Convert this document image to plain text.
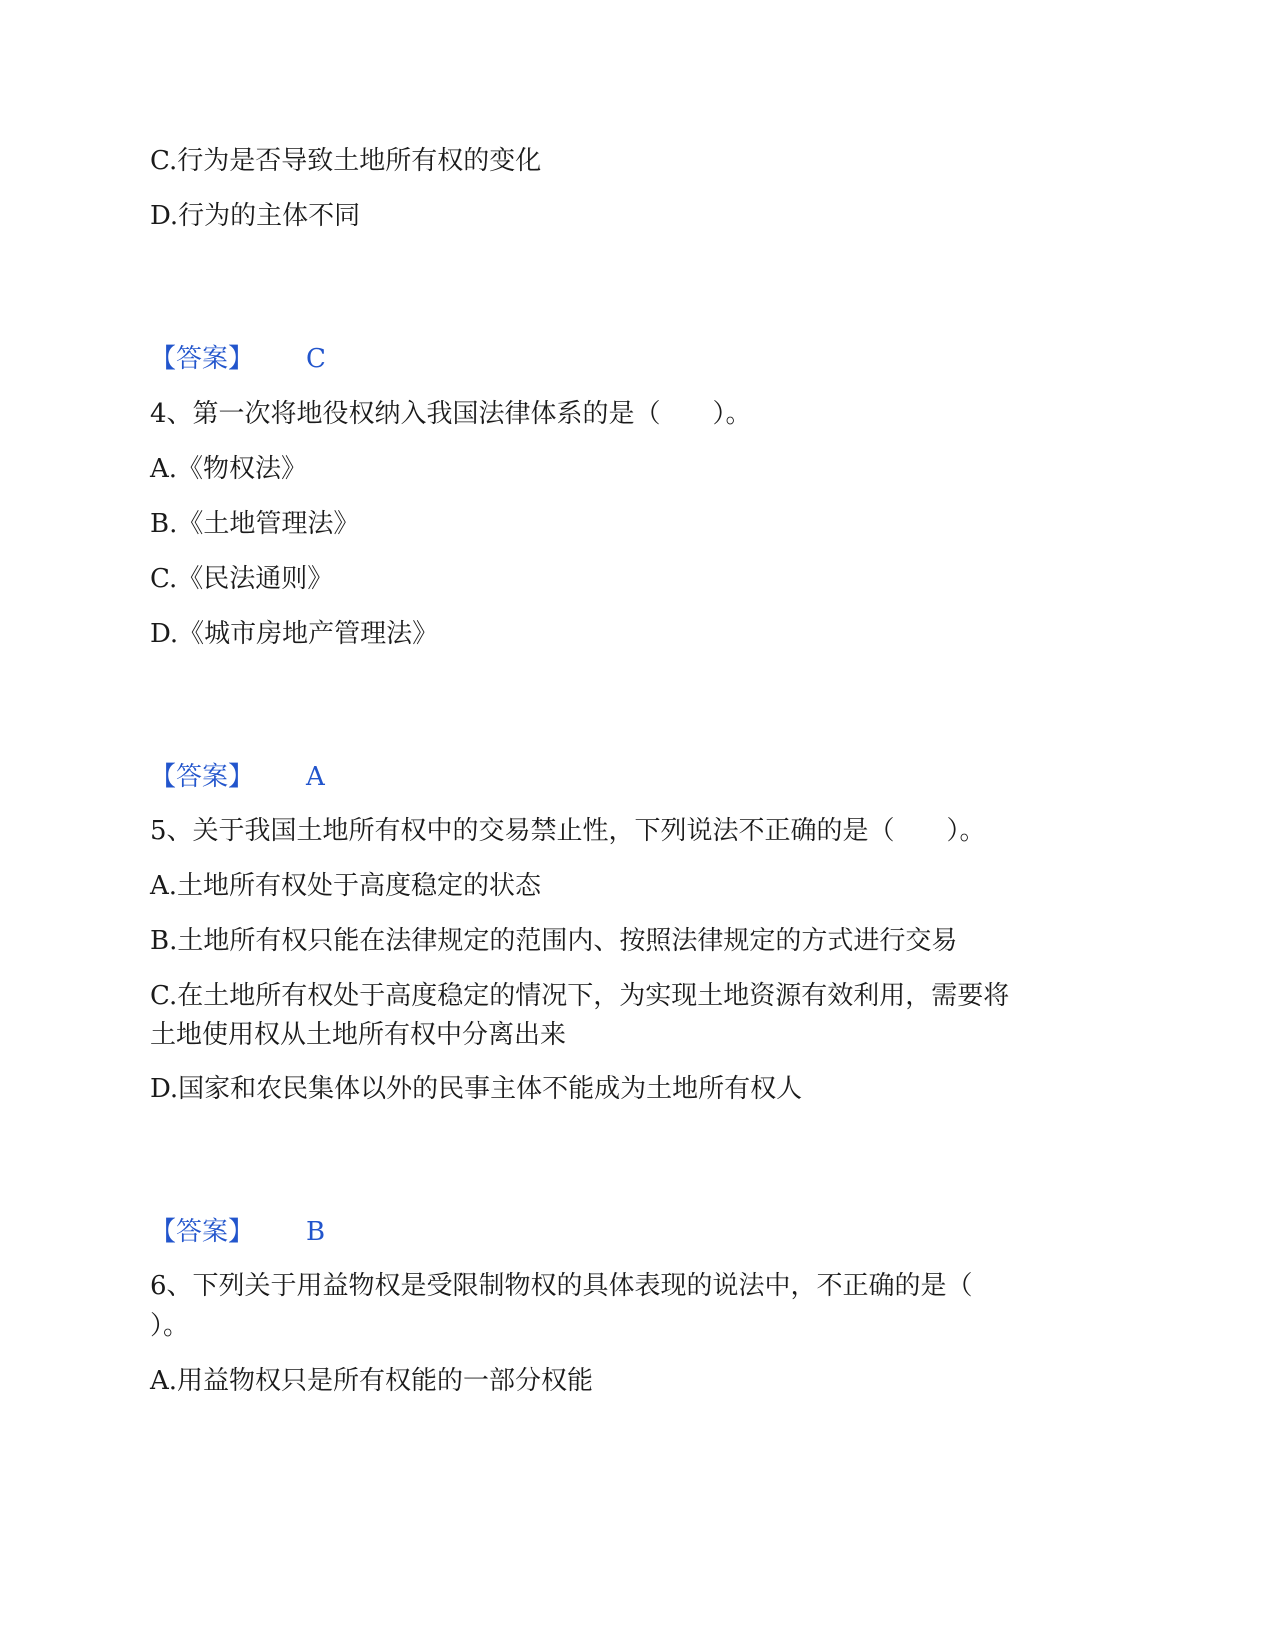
C.行为是否导致土地所有权的变化
D.行为的主体不同
【答案】 C
4、第一次将地役权纳入我国法律体系的是（　　）。
A.《物权法》
B.《土地管理法》
C.《民法通则》
D.《城市房地产管理法》
【答案】 A
5、关于我国土地所有权中的交易禁止性，下列说法不正确的是（　　）。
A.土地所有权处于高度稳定的状态
B.土地所有权只能在法律规定的范围内、按照法律规定的方式进行交易
C.在土地所有权处于高度稳定的情况下，为实现土地资源有效利用，需要将
土地使用权从土地所有权中分离出来
D.国家和农民集体以外的民事主体不能成为土地所有权人
【答案】 B
6、下列关于用益物权是受限制物权的具体表现的说法中，不正确的是（
）。
A.用益物权只是所有权能的一部分权能
